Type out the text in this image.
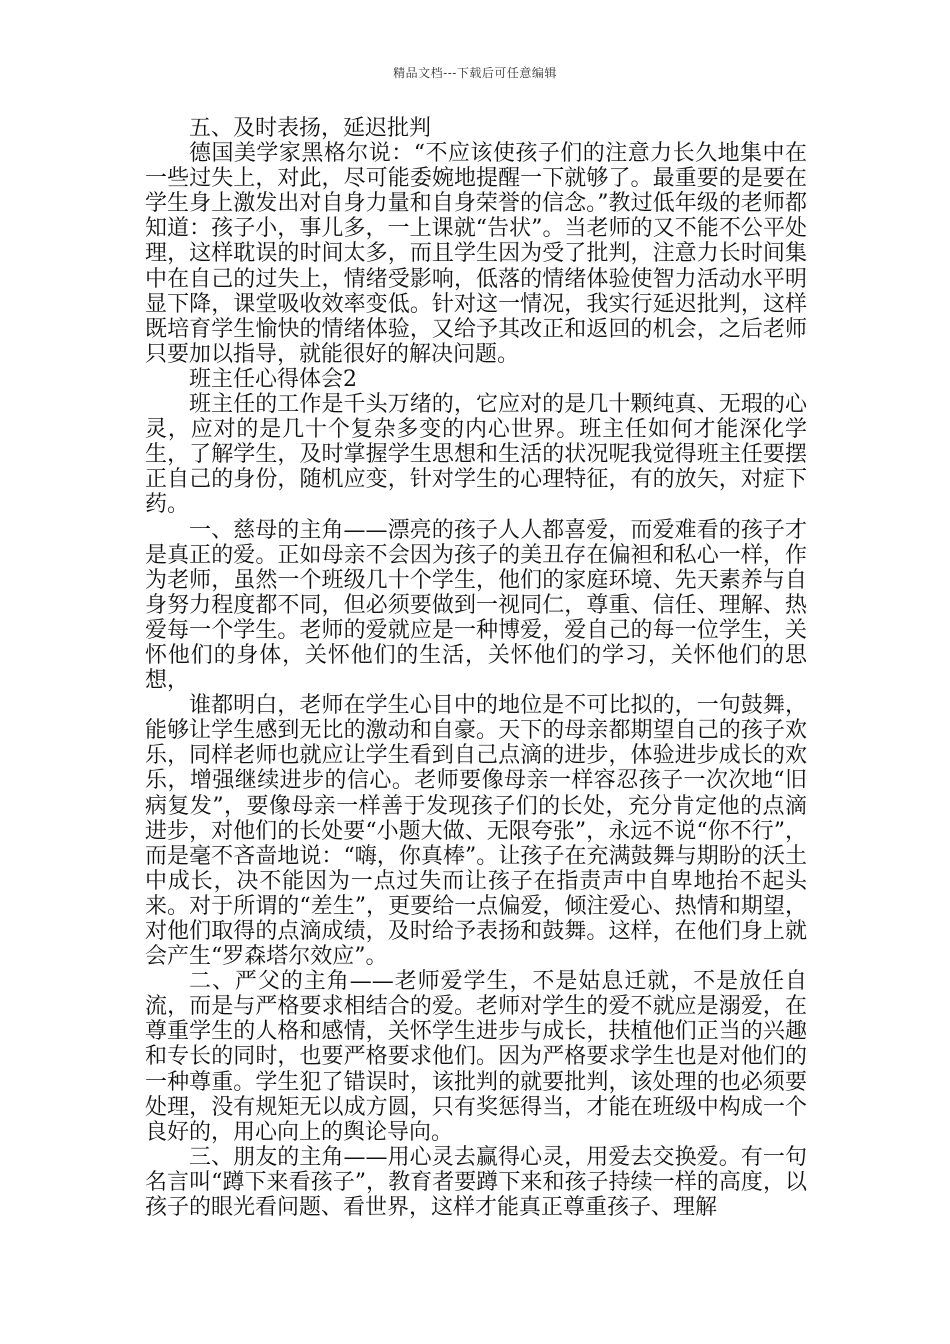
精品文档---下载后可任意编辑

五、及时表扬，延迟批判

德国美学家黑格尔说：“不应该使孩子们的注意力长久地集中在一些过失上，对此，尽可能委婉地提醒一下就够了。最重要的是要在学生身上激发出对自身力量和自身荣誉的信念。”教过低年级的老师都知道：孩子小，事儿多，一上课就“告状”。当老师的又不能不公平处理，这样耽误的时间太多，而且学生因为受了批判，注意力长时间集中在自己的过失上，情绪受影响，低落的情绪体验使智力活动水平明显下降，课堂吸收效率变低。针对这一情况，我实行延迟批判，这样既培育学生愉快的情绪体验，又给予其改正和返回的机会，之后老师只要加以指导，就能很好的解决问题。

班主任心得体会2

班主任的工作是千头万绪的，它应对的是几十颗纯真、无瑕的心灵，应对的是几十个复杂多变的内心世界。班主任如何才能深化学生，了解学生，及时掌握学生思想和生活的状况呢我觉得班主任要摆正自己的身份，随机应变，针对学生的心理特征，有的放矢，对症下药。

一、慈母的主角——漂亮的孩子人人都喜爱，而爱难看的孩子才是真正的爱。正如母亲不会因为孩子的美丑存在偏袒和私心一样，作为老师，虽然一个班级几十个学生，他们的家庭环境、先天素养与自身努力程度都不同，但必须要做到一视同仁，尊重、信任、理解、热爱每一个学生。老师的爱就应是一种博爱，爱自己的每一位学生，关怀他们的身体，关怀他们的生活，关怀他们的学习，关怀他们的思想，

谁都明白，老师在学生心目中的地位是不可比拟的，一句鼓舞，能够让学生感到无比的激动和自豪。天下的母亲都期望自己的孩子欢乐，同样老师也就应让学生看到自己点滴的进步，体验进步成长的欢乐，增强继续进步的信心。老师要像母亲一样容忍孩子一次次地“旧病复发”，要像母亲一样善于发现孩子们的长处，充分肯定他的点滴进步，对他们的长处要“小题大做、无限夸张”，永远不说“你不行”，而是毫不吝啬地说：“嗨，你真棒”。让孩子在充满鼓舞与期盼的沃土中成长，决不能因为一点过失而让孩子在指责声中自卑地抬不起头来。对于所谓的“差生”，更要给一点偏爱，倾注爱心、热情和期望，对他们取得的点滴成绩，及时给予表扬和鼓舞。这样，在他们身上就会产生“罗森塔尔效应”。

二、严父的主角——老师爱学生，不是姑息迁就，不是放任自流，而是与严格要求相结合的爱。老师对学生的爱不就应是溺爱，在尊重学生的人格和感情，关怀学生进步与成长，扶植他们正当的兴趣和专长的同时，也要严格要求他们。因为严格要求学生也是对他们的一种尊重。学生犯了错误时，该批判的就要批判，该处理的也必须要处理，没有规矩无以成方圆，只有奖惩得当，才能在班级中构成一个良好的，用心向上的舆论导向。

三、朋友的主角——用心灵去赢得心灵，用爱去交换爱。有一句名言叫“蹲下来看孩子”，教育者要蹲下来和孩子持续一样的高度，以孩子的眼光看问题、看世界，这样才能真正尊重孩子、理解
